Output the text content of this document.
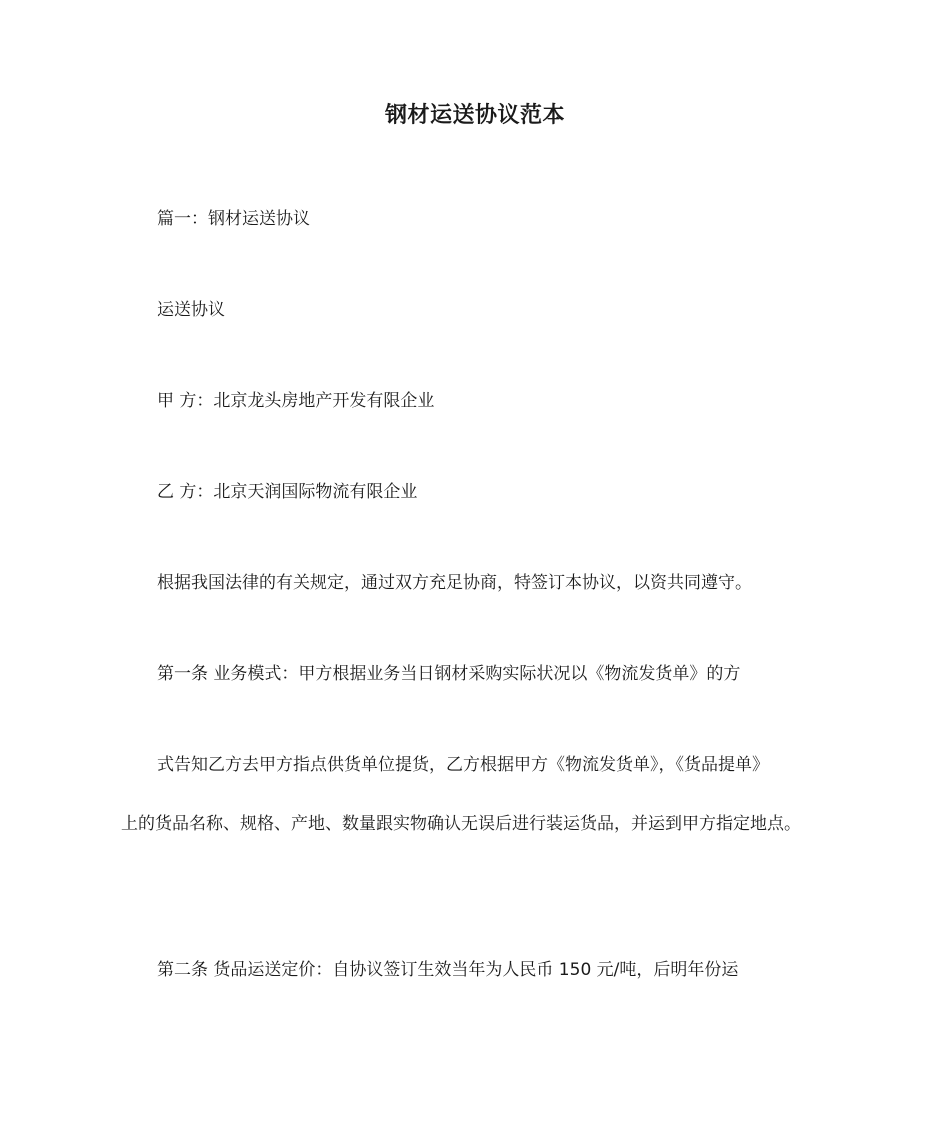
钢材运送协议范本
篇一：钢材运送协议
运送协议
甲 方：北京龙头房地产开发有限企业
乙 方：北京天润国际物流有限企业
根据我国法律的有关规定，通过双方充足协商，特签订本协议，以资共同遵守。
第一条 业务模式：甲方根据业务当日钢材采购实际状况以《物流发货单》的方
式告知乙方去甲方指点供货单位提货，乙方根据甲方《物流发货单》，《货品提单》
上的货品名称、规格、产地、数量跟实物确认无误后进行装运货品，并运到甲方指定地点。
第二条 货品运送定价：自协议签订生效当年为人民币 150 元/吨，后明年份运
